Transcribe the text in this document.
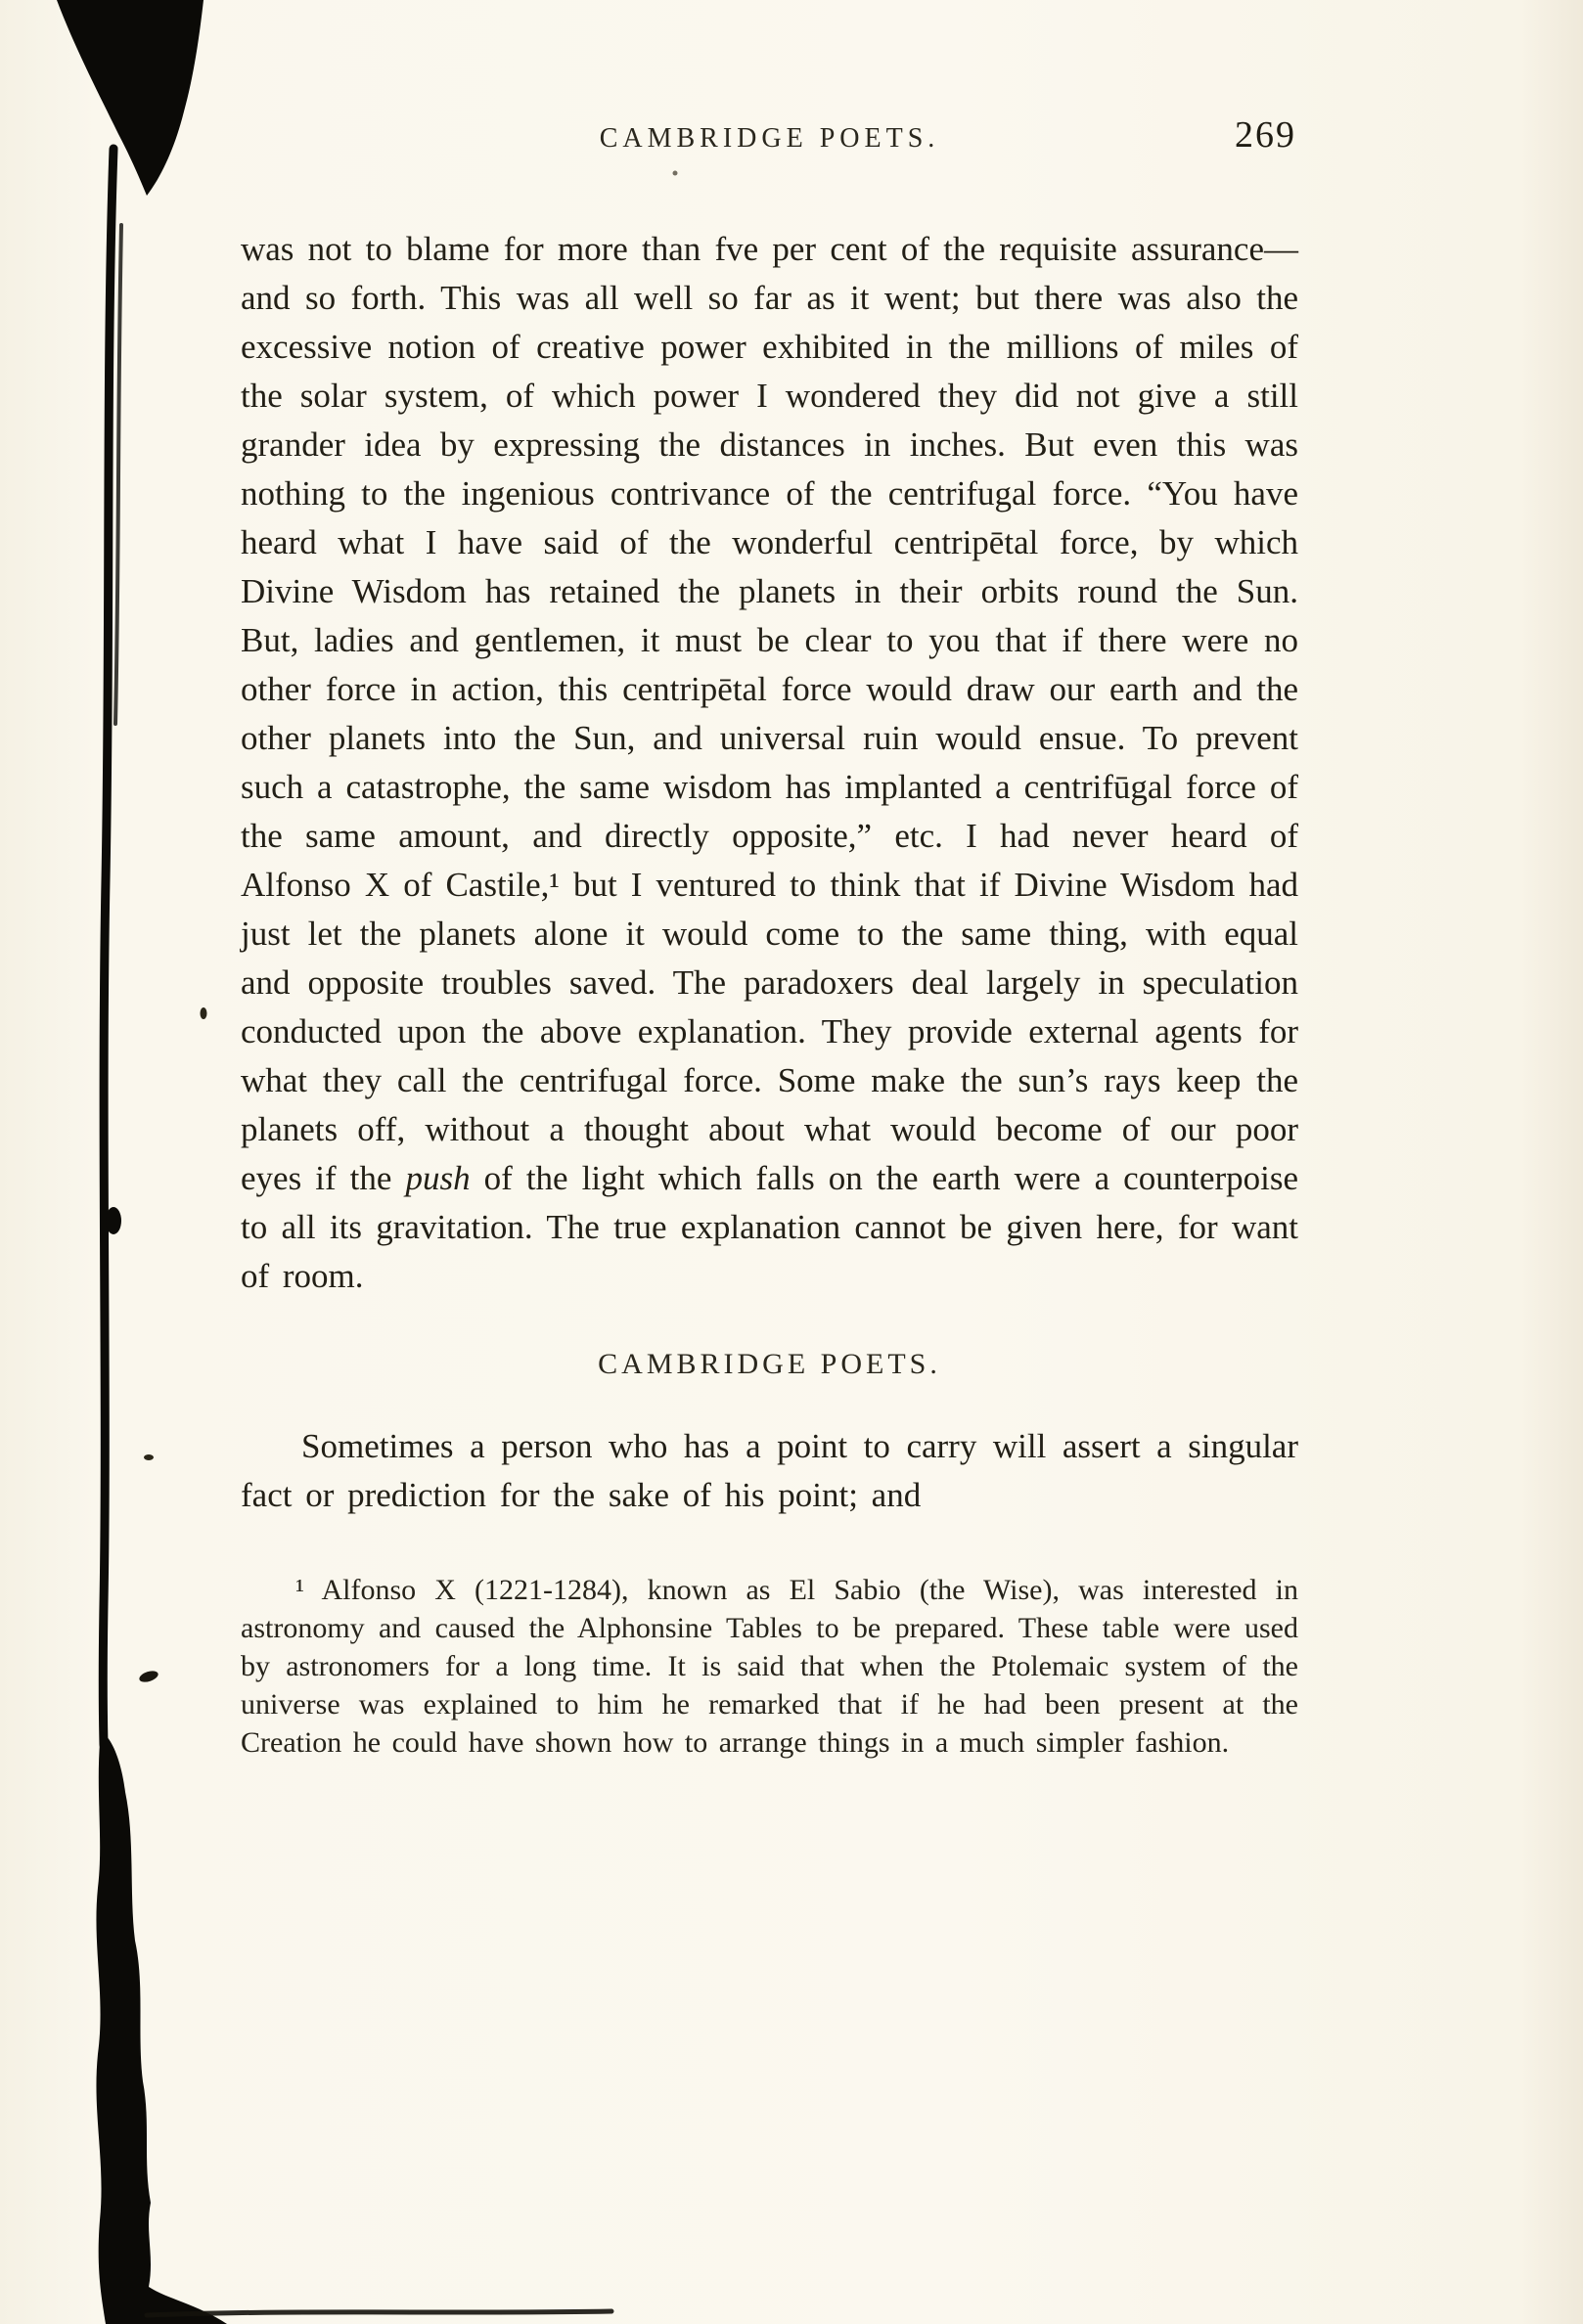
CAMBRIDGE POETS.	269

was not to blame for more than fve per cent of the requisite assurance—and so forth. This was all well so far as it went; but there was also the excessive notion of creative power exhibited in the millions of miles of the solar system, of which power I wondered they did not give a still grander idea by expressing the distances in inches. But even this was nothing to the ingenious contrivance of the centrifugal force. “You have heard what I have said of the wonderful centripētal force, by which Divine Wisdom has retained the planets in their orbits round the Sun. But, ladies and gentlemen, it must be clear to you that if there were no other force in action, this centripētal force would draw our earth and the other planets into the Sun, and universal ruin would ensue. To prevent such a catastrophe, the same wisdom has implanted a centrifūgal force of the same amount, and directly opposite,” etc. I had never heard of Alfonso X of Castile,¹ but I ventured to think that if Divine Wisdom had just let the planets alone it would come to the same thing, with equal and opposite troubles saved. The paradoxers deal largely in speculation conducted upon the above explanation. They provide external agents for what they call the centrifugal force. Some make the sun’s rays keep the planets off, without a thought about what would become of our poor eyes if the push of the light which falls on the earth were a counterpoise to all its gravitation. The true explanation cannot be given here, for want of room.

CAMBRIDGE POETS.

Sometimes a person who has a point to carry will assert a singular fact or prediction for the sake of his point; and

¹ Alfonso X (1221-1284), known as El Sabio (the Wise), was interested in astronomy and caused the Alphonsine Tables to be prepared. These table were used by astronomers for a long time. It is said that when the Ptolemaic system of the universe was explained to him he remarked that if he had been present at the Creation he could have shown how to arrange things in a much simpler fashion.
